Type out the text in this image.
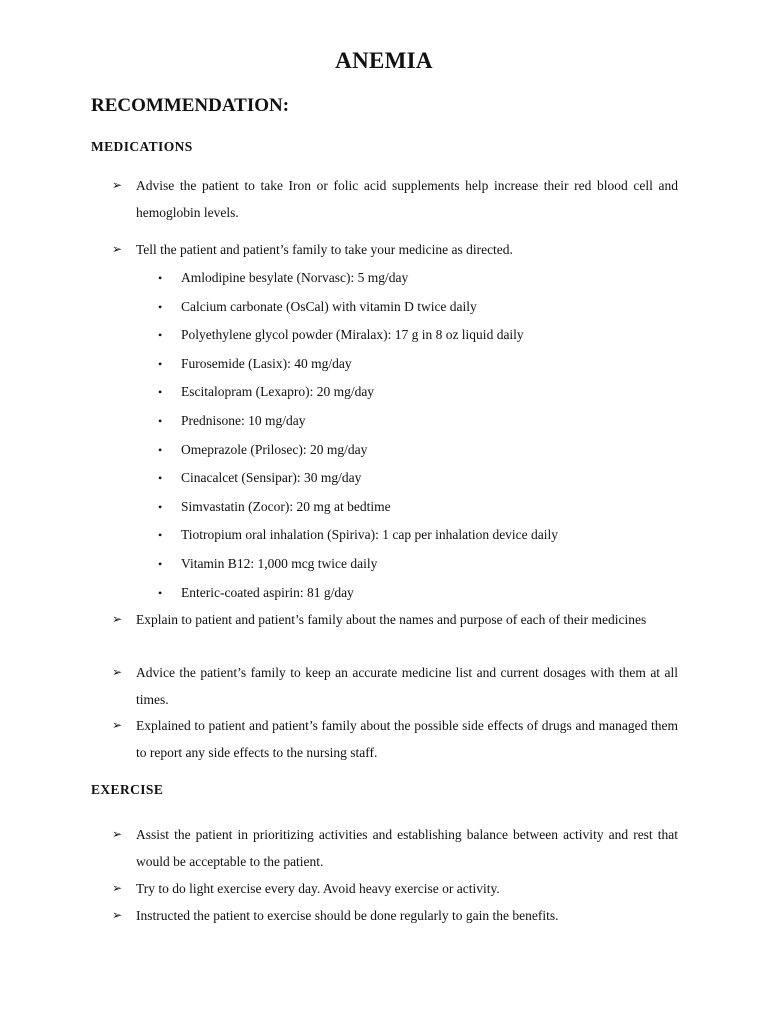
ANEMIA
RECOMMENDATION:
MEDICATIONS
➢ Advise the patient to take Iron or folic acid supplements help increase their red blood cell and hemoglobin levels.
➢ Tell the patient and patient’s family to take your medicine as directed.
• Amlodipine besylate (Norvasc): 5 mg/day
• Calcium carbonate (OsCal) with vitamin D twice daily
• Polyethylene glycol powder (Miralax): 17 g in 8 oz liquid daily
• Furosemide (Lasix): 40 mg/day
• Escitalopram (Lexapro): 20 mg/day
• Prednisone: 10 mg/day
• Omeprazole (Prilosec): 20 mg/day
• Cinacalcet (Sensipar): 30 mg/day
• Simvastatin (Zocor): 20 mg at bedtime
• Tiotropium oral inhalation (Spiriva): 1 cap per inhalation device daily
• Vitamin B12: 1,000 mcg twice daily
• Enteric-coated aspirin: 81 g/day
➢ Explain to patient and patient’s family about the names and purpose of each of their medicines
➢ Advice the patient’s family to keep an accurate medicine list and current dosages with them at all times.
➢ Explained to patient and patient’s family about the possible side effects of drugs and managed them to report any side effects to the nursing staff.
EXERCISE
➢ Assist the patient in prioritizing activities and establishing balance between activity and rest that would be acceptable to the patient.
➢ Try to do light exercise every day. Avoid heavy exercise or activity.
➢ Instructed the patient to exercise should be done regularly to gain the benefits.
